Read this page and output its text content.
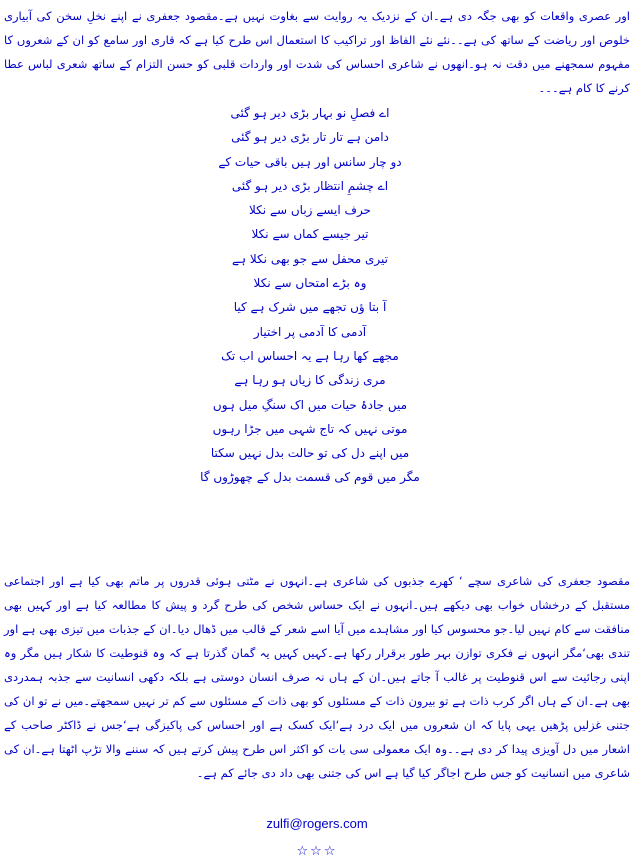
اور عصری واقعات کو بھی جگہ دی ہے۔ان کے نزدیک یہ روایت سے بغاوت نہیں ہے۔مقصود جعفری نے اپنے نخلِ سخن کی آبیاری خلوص اور ریاضت کے ساتھ کی ہے۔۔نئے نئے الفاظ اور تراکیب کا استعمال اس طرح کیا ہے کہ قاری اور سامع کو ان کے شعروں کا مفہوم سمجھنے میں دقت نہ ہو۔انھوں نے شاعری احساس کی شدت اور واردات قلبی کو حسن التزام کے ساتھ شعری لباس عطا کرنے کا کام ہے۔۔۔

اے فصلِ نو بہار بڑی دیر ہو گئی
دامن ہے تار تار بڑی دیر ہو گئی
دو چار سانس اور ہیں باقی حیات کے
اے چشمِ انتظار بڑی دیر ہو گئی
حرف ایسے زباں سے نکلا
تیر جیسے کماں سے نکلا
تیری محفل سے جو بھی نکلا ہے
وہ بڑے امتحاں سے نکلا
آ بتا ؤں تجھے میں شرک ہے کیا
آدمی کا آدمی پر اختیار
مجھے کھا رہا ہے یہ احساس اب تک
مری زندگی کا زیاں ہو رہا ہے
میں جادۂ حیات میں اک سنگِ میل ہوں
موتی نہیں کہ تاج شہی میں جڑا رہوں
میں اپنے دل کی تو حالت بدل نہیں سکتا
مگر میں قوم کی قسمت بدل کے چھوڑوں گا

مقصود جعفری کی شاعری سچے ‘ کھرے جذبوں کی شاعری ہے۔انہوں نے مٹتی ہوئی قدروں پر ماتم بھی کیا ہے اور اجتماعی مستقبل کے درخشاں خواب بھی دیکھے ہیں۔انہوں نے ایک حساس شخص کی طرح گرد و پیش کا مطالعہ کیا ہے اور کہیں بھی منافقت سے کام نہیں لیا۔جو محسوس کیا اور مشاہدے میں آیا اسے شعر کے قالب میں ڈھال دیا۔ان کے جذبات میں تیزی بھی ہے اور تندی بھی‘مگر انہوں نے فکری توازن بہر طور برقرار رکھا ہے۔کہیں کہیں یہ گمان گذرتا ہے کہ وہ قنوطیت کا شکار ہیں مگر وہ اپنی رجائیت سے اس قنوطیت پر غالب آ جاتے ہیں۔ان کے ہاں نہ صرف انسان دوستی ہے بلکہ دکھی انسانیت سے جذبہ ہمدردی بھی ہے۔ان کے ہاں اگر کرب ذات ہے تو بیرون ذات کے مسئلوں کو بھی ذات کے مسئلوں سے کم تر نہیں سمجھتے۔میں نے تو ان کی جتنی غزلیں پڑھیں یہی پایا کہ ان شعروں میں ایک درد ہے‘ایک کسک ہے اور احساس کی پاکیزگی ہے‘جس نے ڈاکٹر صاحب کے اشعار میں دل آویزی پیدا کر دی ہے۔۔وہ ایک معمولی سی بات کو اکثر اس طرح پیش کرتے ہیں کہ سننے والا تڑپ اٹھتا ہے۔ان کی شاعری میں انسانیت کو جس طرح اجاگر کیا گیا ہے اس کی جتنی بھی داد دی جائے کم ہے۔

zulfi@rogers.com
☆☆☆
